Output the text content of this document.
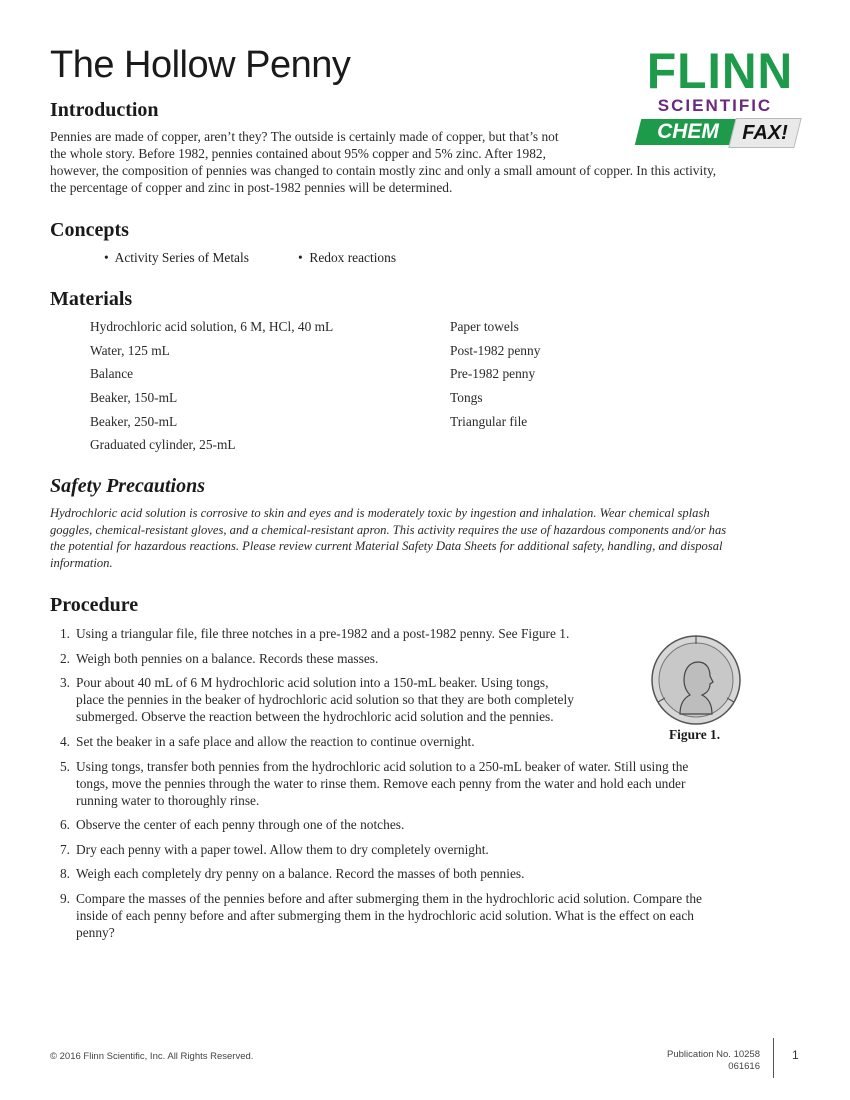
The Hollow Penny	FLINN
SCIENTIFIC
CHEM	FAX!
Introduction
Pennies are made of copper, aren’t they? The outside is certainly made of copper, but that’s not
the whole story. Before 1982, pennies contained about 95% copper and 5% zinc. After 1982,
however, the composition of pennies was changed to contain mostly zinc and only a small amount of copper. In this activity,
the percentage of copper and zinc in post-1982 pennies will be determined.
Concepts
•  Activity Series of Metals	•  Redox reactions
Materials
Hydrochloric acid solution, 6 M, HCl, 40 mL
Water, 125 mL
Balance
Beaker, 150-mL
Beaker, 250-mL
Graduated cylinder, 25-mL
Paper towels
Post-1982 penny
Pre-1982 penny
Tongs
Triangular file
Safety Precautions
Hydrochloric acid solution is corrosive to skin and eyes and is moderately toxic by ingestion and inhalation. Wear chemical splash
goggles, chemical-resistant gloves, and a chemical-resistant apron. This activity requires the use of hazardous components and/or has
the potential for hazardous reactions. Please review current Material Safety Data Sheets for additional safety, handling, and disposal
information.
Procedure
1. Using a triangular file, file three notches in a pre-1982 and a post-1982 penny. See Figure 1.
2. Weigh both pennies on a balance. Records these masses.
3. Pour about 40 mL of 6 M hydrochloric acid solution into a 150-mL beaker. Using tongs,
place the pennies in the beaker of hydrochloric acid solution so that they are both completely
submerged. Observe the reaction between the hydrochloric acid solution and the pennies.
4. Set the beaker in a safe place and allow the reaction to continue overnight.
5. Using tongs, transfer both pennies from the hydrochloric acid solution to a 250-mL beaker of water. Still using the
tongs, move the pennies through the water to rinse them. Remove each penny from the water and hold each under
running water to thoroughly rinse.
6. Observe the center of each penny through one of the notches.
7. Dry each penny with a paper towel. Allow them to dry completely overnight.
8. Weigh each completely dry penny on a balance. Record the masses of both pennies.
9. Compare the masses of the pennies before and after submerging them in the hydrochloric acid solution. Compare the
inside of each penny before and after submerging them in the hydrochloric acid solution. What is the effect on each
penny?
Figure 1.
© 2016 Flinn Scientific, Inc. All Rights Reserved.	Publication No. 10258
061616
1
